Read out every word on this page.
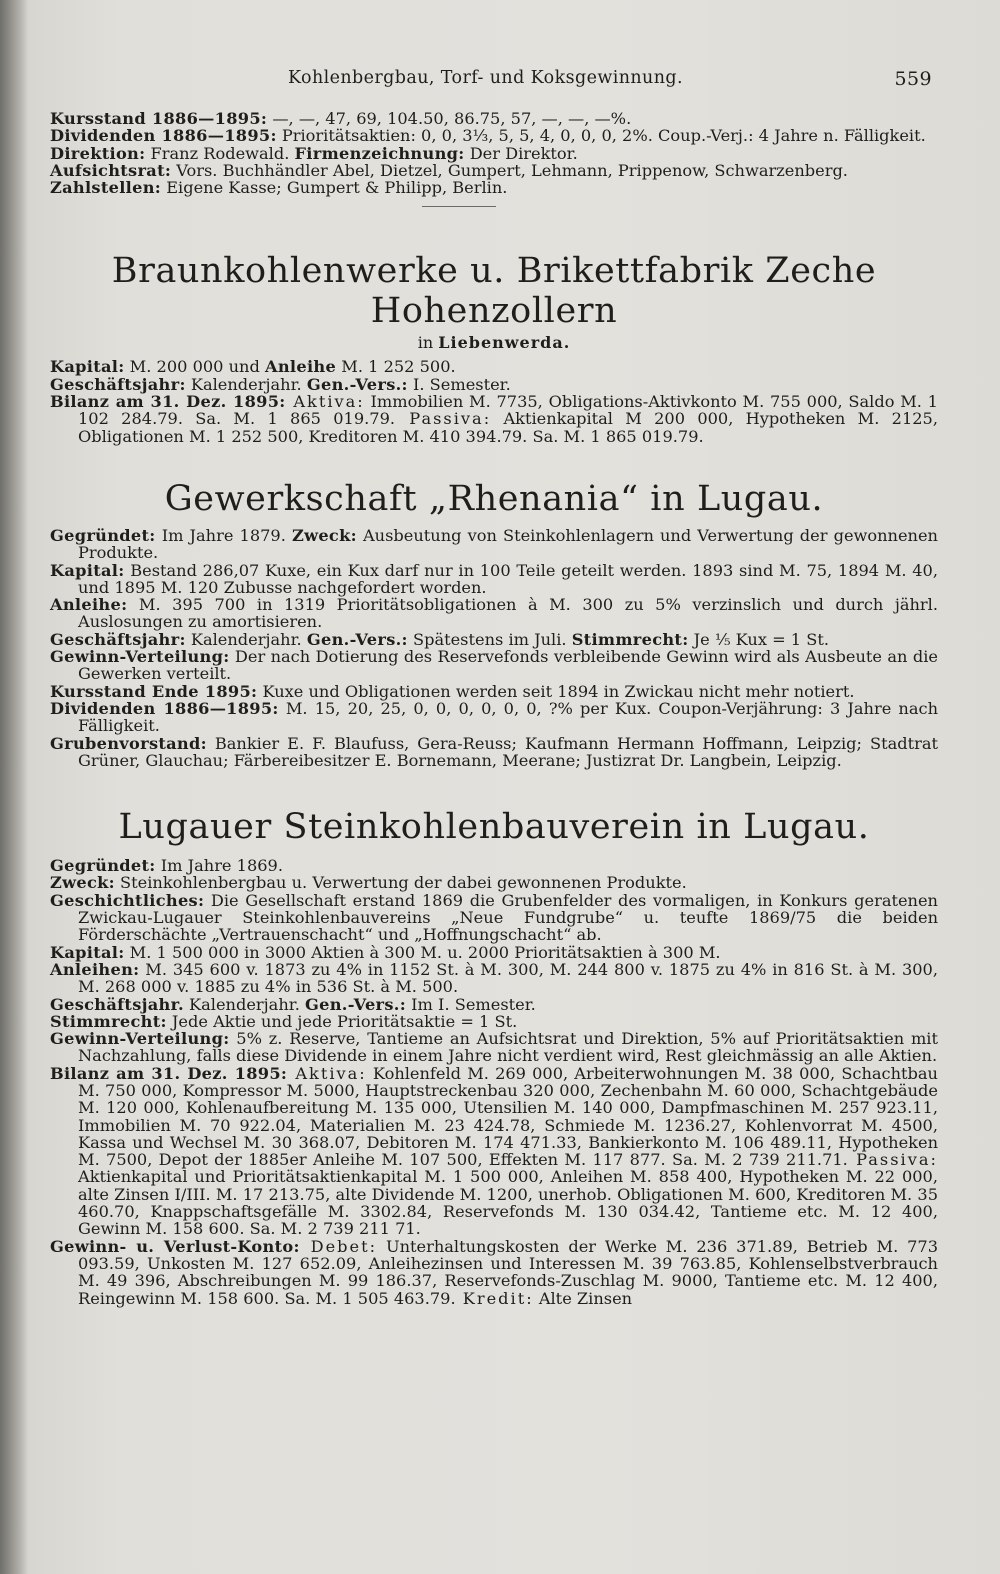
Kohlenbergbau, Torf- und Koksgewinnung.	559

Kursstand 1886—1895: —, —, 47, 69, 104.50, 86.75, 57, —, —, —%.

Dividenden 1886—1895: Prioritätsaktien: 0, 0, 3⅓, 5, 5, 4, 0, 0, 0, 2%. Coup.-Verj.: 4 Jahre n. Fälligkeit.

Direktion: Franz Rodewald. Firmenzeichnung: Der Direktor.

Aufsichtsrat: Vors. Buchhändler Abel, Dietzel, Gumpert, Lehmann, Prippenow, Schwarzenberg.

Zahlstellen: Eigene Kasse; Gumpert & Philipp, Berlin.

Braunkohlenwerke u. Brikettfabrik Zeche Hohenzollern
in Liebenwerda.

Kapital: M. 200 000 und Anleihe M. 1 252 500.

Geschäftsjahr: Kalenderjahr. Gen.-Vers.: I. Semester.

Bilanz am 31. Dez. 1895: Aktiva: Immobilien M. 7735, Obligations-Aktivkonto M. 755 000, Saldo M. 1 102 284.79. Sa. M. 1 865 019.79. Passiva: Aktienkapital M 200 000, Hypotheken M. 2125, Obligationen M. 1 252 500, Kreditoren M. 410 394.79. Sa. M. 1 865 019.79.

Gewerkschaft „Rhenania“ in Lugau.

Gegründet: Im Jahre 1879. Zweck: Ausbeutung von Steinkohlenlagern und Verwertung der gewonnenen Produkte.

Kapital: Bestand 286,07 Kuxe, ein Kux darf nur in 100 Teile geteilt werden. 1893 sind M. 75, 1894 M. 40, und 1895 M. 120 Zubusse nachgefordert worden.

Anleihe: M. 395 700 in 1319 Prioritätsobligationen à M. 300 zu 5% verzinslich und durch jährl. Auslosungen zu amortisieren.

Geschäftsjahr: Kalenderjahr. Gen.-Vers.: Spätestens im Juli. Stimmrecht: Je ⅕ Kux = 1 St.

Gewinn-Verteilung: Der nach Dotierung des Reservefonds verbleibende Gewinn wird als Ausbeute an die Gewerken verteilt.

Kursstand Ende 1895: Kuxe und Obligationen werden seit 1894 in Zwickau nicht mehr notiert.

Dividenden 1886—1895: M. 15, 20, 25, 0, 0, 0, 0, 0, 0, ?% per Kux. Coupon-Verjährung: 3 Jahre nach Fälligkeit.

Grubenvorstand: Bankier E. F. Blaufuss, Gera-Reuss; Kaufmann Hermann Hoffmann, Leipzig; Stadtrat Grüner, Glauchau; Färbereibesitzer E. Bornemann, Meerane; Justizrat Dr. Langbein, Leipzig.

Lugauer Steinkohlenbauverein in Lugau.

Gegründet: Im Jahre 1869.

Zweck: Steinkohlenbergbau u. Verwertung der dabei gewonnenen Produkte.

Geschichtliches: Die Gesellschaft erstand 1869 die Grubenfelder des vormaligen, in Konkurs geratenen Zwickau-Lugauer Steinkohlenbauvereins „Neue Fundgrube“ u. teufte 1869/75 die beiden Förderschächte „Vertrauenschacht“ und „Hoffnungschacht“ ab.

Kapital: M. 1 500 000 in 3000 Aktien à 300 M. u. 2000 Prioritätsaktien à 300 M.

Anleihen: M. 345 600 v. 1873 zu 4% in 1152 St. à M. 300, M. 244 800 v. 1875 zu 4% in 816 St. à M. 300, M. 268 000 v. 1885 zu 4% in 536 St. à M. 500.

Geschäftsjahr. Kalenderjahr. Gen.-Vers.: Im I. Semester.

Stimmrecht: Jede Aktie und jede Prioritätsaktie = 1 St.

Gewinn-Verteilung: 5% z. Reserve, Tantieme an Aufsichtsrat und Direktion, 5% auf Prioritätsaktien mit Nachzahlung, falls diese Dividende in einem Jahre nicht verdient wird, Rest gleichmässig an alle Aktien.

Bilanz am 31. Dez. 1895: Aktiva: Kohlenfeld M. 269 000, Arbeiterwohnungen M. 38 000, Schachtbau M. 750 000, Kompressor M. 5000, Hauptstreckenbau 320 000, Zechenbahn M. 60 000, Schachtgebäude M. 120 000, Kohlenaufbereitung M. 135 000, Utensilien M. 140 000, Dampfmaschinen M. 257 923.11, Immobilien M. 70 922.04, Materialien M. 23 424.78, Schmiede M. 1236.27, Kohlenvorrat M. 4500, Kassa und Wechsel M. 30 368.07, Debitoren M. 174 471.33, Bankierkonto M. 106 489.11, Hypotheken M. 7500, Depot der 1885er Anleihe M. 107 500, Effekten M. 117 877. Sa. M. 2 739 211.71. Passiva: Aktienkapital und Prioritätsaktienkapital M. 1 500 000, Anleihen M. 858 400, Hypotheken M. 22 000, alte Zinsen I/III. M. 17 213.75, alte Dividende M. 1200, unerhob. Obligationen M. 600, Kreditoren M. 35 460.70, Knappschaftsgefälle M. 3302.84, Reservefonds M. 130 034.42, Tantieme etc. M. 12 400, Gewinn M. 158 600. Sa. M. 2 739 211 71.

Gewinn- u. Verlust-Konto: Debet: Unterhaltungskosten der Werke M. 236 371.89, Betrieb M. 773 093.59, Unkosten M. 127 652.09, Anleihezinsen und Interessen M. 39 763.85, Kohlenselbstverbrauch M. 49 396, Abschreibungen M. 99 186.37, Reservefonds-Zuschlag M. 9000, Tantieme etc. M. 12 400, Reingewinn M. 158 600. Sa. M. 1 505 463.79. Kredit: Alte Zinsen
